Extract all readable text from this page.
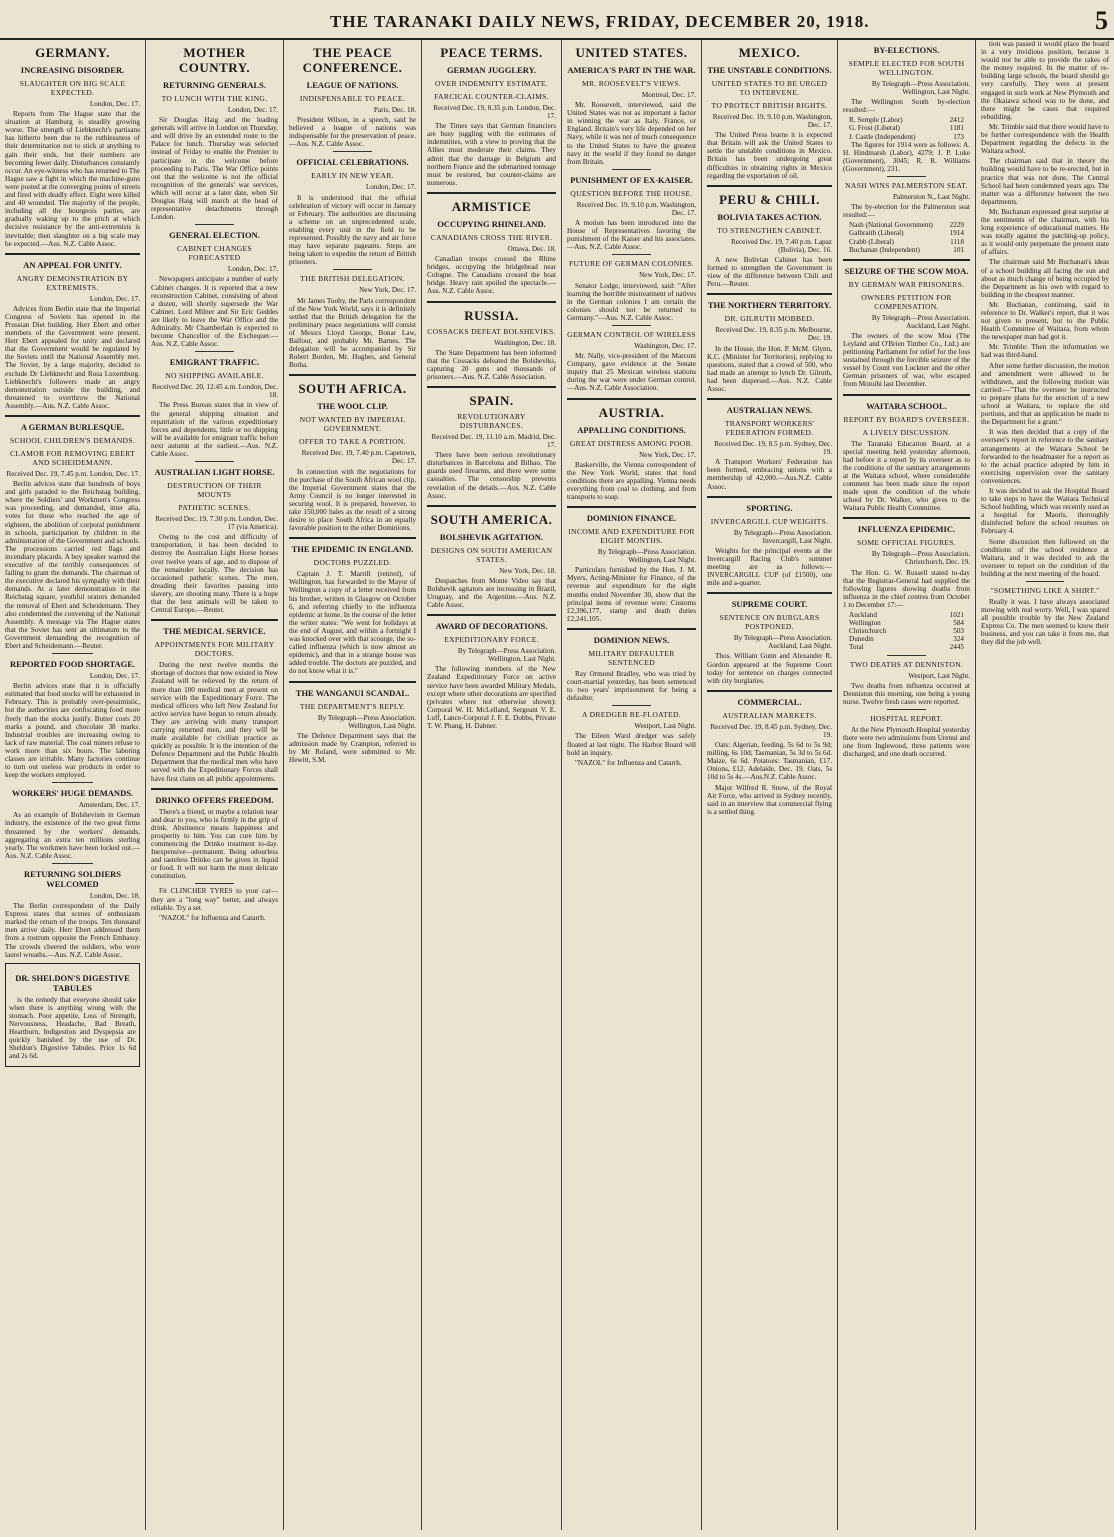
THE TARANAKI DAILY NEWS, FRIDAY, DECEMBER 20, 1918.	5
GERMANY.
INCREASING DISORDER.
SLAUGHTER ON BIG SCALE EXPECTED.
London, Dec. 17.

Reports from The Hague state that the situation at Hamburg is steadily growing worse. The strength of Liebknecht's partisans has hitherto been due to the ruthlessness of their determination not to stick at anything to gain their ends, but their numbers are becoming fewer daily. Disturbances constantly occur. An eye-witness who has returned to The Hague saw a fight in which the machine-guns were posted at the converging points of streets and fired with deadly effect. Eight were killed and 40 wounded. The majority of the people, including all the bourgeois parties, are gradually waking up to the pitch at which decisive resistance by the anti-extremists is inevitable; then slaughter on a big scale may be expected.—Aus. N.Z. Cable Assoc.

AN APPEAL FOR UNITY.
ANGRY DEMONSTRATION BY EXTREMISTS.
London, Dec. 17.

Advices from Berlin state that the Imperial Congress of Soviets has opened in the Prussian Diet building. Herr Ebert and other members of the Government were present. Herr Ebert appealed for unity and declared that the Government would be regulated by the Soviets until the National Assembly met. The Soviet, by a large majority, decided to exclude Dr Liebknecht and Rosa Luxemburg. Liebknecht's followers made an angry demonstration outside the building, and threatened to overthrow the National Assembly.—Aus. N.Z. Cable Assoc.

A GERMAN BURLESQUE.
SCHOOL CHILDREN'S DEMANDS.
CLAMOR FOR REMOVING EBERT AND SCHEIDEMANN.
Received Dec. 19, 7.45 p.m. London, Dec. 17.

Berlin advices state that hundreds of boys and girls paraded to the Reichstag building, where the Soldiers' and Workmen's Congress was proceeding, and demanded, inter alia, votes for those who reached the age of eighteen, the abolition of corporal punishment in schools, participation by children in the administration of the Government and schools. The processions carried red flags and incendiary placards. A boy speaker warned the executive of the terribly consequences of failing to grant the demands. The chairman of the executive declared his sympathy with their demands. At a later demonstration in the Reichstag square, youthful orators demanded the removal of Ebert and Scheidemann. They also condemned the convening of the National Assembly. A message via The Hague states that the Soviet has sent an ultimatum to the Government demanding the recognition of Ebert and Scheidemann.—Reuter.

REPORTED FOOD SHORTAGE.
London, Dec. 17.

Berlin advices state that it is officially estimated that food stocks will be exhausted in February. This is probably over-pessimistic, but the authorities are confiscating food more freely than the stocks justify. Butter costs 20 marks a pound, and chocolate 38 marks. Industrial troubles are increasing owing to lack of raw material. The coal miners refuse to work more than six hours. The laboring classes are irritable. Many factories continue to turn out useless war products in order to keep the workers employed.

WORKERS' HUGE DEMANDS.
Amsterdam, Dec. 17.

As an example of Bolshevism in German industry, the existence of the two great firms threatened by the workers' demands, aggregating an extra ten millions sterling yearly. The workmen have been locked out.—Aus. N.Z. Cable Assoc.

RETURNING SOLDIERS WELCOMED
London, Dec. 18.

The Berlin correspondent of the Daily Express states that scenes of enthusiasm marked the return of the troops. Ten thousand men arrive daily. Herr Ebert addressed them from a rostrum opposite the French Embassy. The crowds cheered the soldiers, who wore laurel wreaths.—Aus. N.Z. Cable Assoc.

DR. SHELDON'S DIGESTIVE TABULES

is the remedy that everyone should take when there is anything wrong with the stomach. Poor appetite, Loss of Strength, Nervousness, Headache, Bad Breath, Heartburn, Indigestion and Dyspepsia are quickly banished by the use of Dr. Sheldon's Digestive Tabules. Price 1s 6d and 2s 6d.

MOTHER COUNTRY.
RETURNING GENERALS.
TO LUNCH WITH THE KING.
London, Dec. 17.

Sir Douglas Haig and the leading generals will arrive in London on Thursday, and will drive by an extended route to the Palace for lunch. Thursday was selected instead of Friday to enable the Premier to participate in the welcome before proceeding to Paris. The War Office points out that the welcome is not the official recognition of the generals' war services, which will occur at a later date, when Sir Douglas Haig will march at the head of representative detachments through London.

GENERAL ELECTION.
CABINET CHANGES FORECASTED
London, Dec. 17.

Newspapers anticipate a number of early Cabinet changes. It is reported that a new reconstruction Cabinet, consisting of about a dozen, will shortly supersede the War Cabinet. Lord Milner and Sir Eric Geddes are likely to leave the War Office and the Admiralty. Mr Chamberlain is expected to become Chancellor of the Exchequer.—Aus. N.Z. Cable Assoc.

EMIGRANT TRAFFIC.
NO SHIPPING AVAILABLE.
Received Dec. 20, 12.45 a.m. London, Dec. 18.

The Press Bureau states that in view of the general shipping situation and repatriation of the various expeditionary forces and dependents, little or no shipping will be available for emigrant traffic before next autumn at the earliest.—Aus. N.Z. Cable Assoc.

AUSTRALIAN LIGHT HORSE.
DESTRUCTION OF THEIR MOUNTS
PATHETIC SCENES.
Received Dec. 19, 7.30 p.m. London, Dec. 17 (via America).

Owing to the cost and difficulty of transportation, it has been decided to destroy the Australian Light Horse horses over twelve years of age, and to dispose of the remainder locally. The decision has occasioned pathetic scenes. The men, dreading their favorites passing into slavery, are shooting many. There is a hope that the best animals will be taken to Central Europe.—Reuter.

THE MEDICAL SERVICE.
APPOINTMENTS FOR MILITARY DOCTORS.

During the next twelve months the shortage of doctors that now existed in New Zealand will be relieved by the return of more than 100 medical men at present on service with the Expeditionary Force. The medical officers who left New Zealand for active service have begun to return already. They are arriving with many transport carrying returned men, and they will be made available for civilian practice as quickly as possible. It is the intention of the Defence Department and the Public Health Department that the medical men who have served with the Expeditionary Forces shall have first claim on all public appointments.

DRINKO OFFERS FREEDOM.

There's a friend, or maybe a relation near and dear to you, who is firmly in the grip of drink. Abstinence means happiness and prosperity to him. You can cure him by commencing the Drinko treatment to-day. Inexpensive—permanent. Being odourless and tasteless Drinko can be given in liquid or food. It will not harm the most delicate constitution.

Fit CLINCHER TYRES to your car—they are a "long way" better, and always reliable. Try a set.

"NAZOL" for Influenza and Catarrh.

THE PEACE CONFERENCE.
LEAGUE OF NATIONS.
INDISPENSABLE TO PEACE.
Paris, Dec. 18.

President Wilson, in a speech, said he believed a league of nations was indispensable for the preservation of peace.—Aus. N.Z. Cable Assoc.

OFFICIAL CELEBRATIONS.
EARLY IN NEW YEAR.
London, Dec. 17.

It is understood that the official celebration of victory will occur in January or February. The authorities are discussing a scheme on an unprecedented scale, enabling every unit in the field to be represented. Possibly the navy and air force may have separate pageants. Steps are being taken to expedite the return of British prisoners.

THE BRITISH DELEGATION.
New York, Dec. 17.

Mr James Tuohy, the Paris correspondent of the New York World, says it is definitely settled that the British delegation for the preliminary peace negotiations will consist of Messrs Lloyd George, Bonar Law, Balfour, and probably Mr. Barnes. The delegation will be accompanied by Sir Robert Borden, Mr. Hughes, and General Botha.

SOUTH AFRICA.
THE WOOL CLIP.
NOT WANTED BY IMPERIAL GOVERNMENT.
OFFER TO TAKE A PORTION.
Received Dec. 19, 7.40 p.m. Capetown, Dec. 17.

In connection with the negotiations for the purchase of the South African wool clip, the Imperial Government states that the Army Council is no longer interested in securing wool. It is prepared, however, to take 150,000 bales as the result of a strong desire to place South Africa in an equally favorable position to the other Dominions.

THE EPIDEMIC IN ENGLAND.
DOCTORS PUZZLED.

Captain J. T. Marrill (retired), of Wellington, has forwarded to the Mayor of Wellington a copy of a letter received from his brother, written in Glasgow on October 6, and referring chiefly to the influenza epidemic at home. In the course of the letter the writer states: "We went for holidays at the end of August, and within a fortnight I was knocked over with that scourge, the so-called influenza (which is now almost an epidemic), and that in a strange house was added trouble. The doctors are puzzled, and do not know what it is."

THE WANGANUI SCANDAL.
THE DEPARTMENT'S REPLY.
By Telegraph—Press Association. Wellington, Last Night.

The Defence Department says that the admission made by Crampton, referred to by Mr Roland, were submitted to Mr. Hewitt, S.M.

PEACE TERMS.
GERMAN JUGGLERY.
OVER INDEMNITY ESTIMATE.
FARCICAL COUNTER-CLAIMS.
Received Dec. 19, 8.35 p.m. London, Dec. 17.

The Times says that German financiers are busy juggling with the estimates of indemnities, with a view to proving that the Allies must moderate their claims. They admit that the damage in Belgium and northern France and the submarined tonnage must be restored, but counter-claims are numerous.

ARMISTICE
OCCUPYING RHINELAND.
CANADIANS CROSS THE RIVER.
Ottawa, Dec. 18.

Canadian troops crossed the Rhine bridges, occupying the bridgehead near Cologne. The Canadians crossed the boat bridge. Heavy rain spoiled the spectacle.—Aus. N.Z. Cable Assoc.

RUSSIA.
COSSACKS DEFEAT BOLSHEVIKS.
Washington, Dec. 18.

The State Department has been informed that the Cossacks defeated the Bolsheviks, capturing 20 guns and thousands of prisoners.—Aus. N.Z. Cable Association.

SPAIN.
REVOLUTIONARY DISTURBANCES.
Received Dec. 19, 11.10 a.m. Madrid, Dec. 17.

There have been serious revolutionary disturbances in Barcelona and Bilbao. The guards used firearms, and there were some casualties. The censorship prevents revelation of the details.—Aus. N.Z. Cable Assoc.

SOUTH AMERICA.
BOLSHEVIK AGITATION.
DESIGNS ON SOUTH AMERICAN STATES.
New York, Dec. 18.

Despatches from Monte Video say that Bolshevik agitators are increasing in Brazil, Uruguay, and the Argentine.—Aus. N.Z. Cable Assoc.

AWARD OF DECORATIONS.
EXPEDITIONARY FORCE.
By Telegraph—Press Association. Wellington, Last Night.

The following members of the New Zealand Expeditionary Force on active service have been awarded Military Medals, except where other decorations are specified (privates where not otherwise shown): Corporal W. H. McLelland, Sergeant V. E. Luff, Lance-Corporal J. F. E. Dobbs, Private T. W. Phang, H. Dabner.

UNITED STATES.
AMERICA'S PART IN THE WAR.
MR. ROOSEVELT'S VIEWS.
Montreal, Dec. 17.

Mr. Roosevelt, interviewed, said the United States was not as important a factor in winning the war as Italy, France, or England. Britain's very life depended on her Navy, while it was not of much consequence to the United States to have the greatest navy in the world if they found no danger from Britain.

PUNISHMENT OF EX-KAISER.
QUESTION BEFORE THE HOUSE.
Received Dec. 19, 9.10 p.m. Washington, Dec. 17.

A motion has been introduced into the House of Representatives favoring the punishment of the Kaiser and his associates.—Aus. N.Z. Cable Assoc.

FUTURE OF GERMAN COLONIES.
New York, Dec. 17.

Senator Lodge, interviewed, said: "After learning the horrible mistreatment of natives in the German colonies I am certain the colonies should not be returned to Germany."—Aus. N.Z. Cable Assoc.

GERMAN CONTROL OF WIRELESS
Washington, Dec. 17.

Mr. Nally, vice-president of the Marconi Company, gave evidence at the Senate inquiry that 25 Mexican wireless stations during the war were under German control.—Aus. N.Z. Cable Association.

AUSTRIA.
APPALLING CONDITIONS.
GREAT DISTRESS AMONG POOR.
New York, Dec. 17.

Baskerville, the Vienna correspondent of the New York World, states that food conditions there are appalling. Vienna needs everything from coal to clothing, and from transports to soap.

DOMINION FINANCE.
INCOME AND EXPENDITURE FOR EIGHT MONTHS.
By Telegraph—Press Association. Wellington, Last Night.

Particulars furnished by the Hon. J. M. Myers, Acting-Minister for Finance, of the revenue and expenditure for the eight months ended November 30, show that the principal items of revenue were: Customs £2,396,177, stamp and death duties £2,241,105.

DOMINION NEWS.
MILITARY DEFAULTER SENTENCED

Ray Ormond Bradley, who was tried by court-martial yesterday, has been sentenced to two years' imprisonment for being a defaulter.

A DREDGER RE-FLOATED.
Westport, Last Night.

The Eileen Ward dredger was safely floated at last night. The Harbor Board will hold an inquiry.

"NAZOL" for Influenza and Catarrh.

MEXICO.
THE UNSTABLE CONDITIONS.
UNITED STATES TO BE URGED TO INTERVENE.
TO PROTECT BRITISH RIGHTS.
Received Dec. 19, 9.10 p.m. Washington, Dec. 17.

The United Press learns it is expected that Britain will ask the United States to settle the unstable conditions in Mexico. Britain has been undergoing great difficulties in obtaining rights in Mexico regarding the exportation of oil.

PERU & CHILI.
BOLIVIA TAKES ACTION.
TO STRENGTHEN CABINET.
Received Dec. 19, 7.40 p.m. Lapaz (Bolivia), Dec. 16.

A new Bolivian Cabinet has been formed to strengthen the Government in view of the difference between Chili and Peru.—Reuter.

THE NORTHERN TERRITORY.
DR. GILRUTH MOBBED.
Received Dec. 19, 8.35 p.m. Melbourne, Dec. 19.

In the House, the Hon. P. McM. Glynn, K.C. (Minister for Territories), replying to questions, stated that a crowd of 500, who had made an attempt to lynch Dr. Gilruth, had been dispersed.—Aus. N.Z. Cable Assoc.

AUSTRALIAN NEWS.
TRANSPORT WORKERS' FEDERATION FORMED.
Received Dec. 19, 8.5 p.m. Sydney, Dec. 19.

A Transport Workers' Federation has been formed, embracing unions with a membership of 42,000.—Aus.N.Z. Cable Assoc.

SPORTING.
INVERCARGILL CUP WEIGHTS.
By Telegraph—Press Association. Invercargill, Last Night.

Weights for the principal events at the Invercargill Racing Club's summer meeting are as follows:—INVERCARGILL CUP (of £1500), one mile and a-quarter.

SUPREME COURT.
SENTENCE ON BURGLARS POSTPONED.
By Telegraph—Press Association. Auckland, Last Night.

Thos. William Gunn and Alexander R. Gordon appeared at the Supreme Court today for sentence on charges connected with city burglaries.

COMMERCIAL.
AUSTRALIAN MARKETS.
Received Dec. 19, 8.45 p.m. Sydney, Dec. 19.

Oats: Algerian, feeding, 5s 6d to 5s 9d; milling, 6s 10d; Tasmanian, 5s 3d to 5s 6d. Maize, 6s 6d. Potatoes: Tasmanian, £17. Onions, £12. Adelaide, Dec. 19. Oats, 5s 10d to 5s 4s.—Aus.N.Z. Cable Assoc.

Major Wilfred R. Snow, of the Royal Air Force, who arrived in Sydney recently, said in an interview that commercial flying is a settled thing.

BY-ELECTIONS.
SEMPLE ELECTED FOR SOUTH WELLINGTON.
By Telegraph—Press Association. Wellington, Last Night.

The Wellington South by-election resulted:—

R. Semple (Labor)	2412
G. Frost (Liberal)	1181
J. Castle (Independent)	173

The figures for 1914 were as follows: A. H. Hindmarsh (Labor), 4279; J. P. Luke (Government), 3045; R. R. Williams (Government), 231.

NASH WINS PALMERSTON SEAT.
Palmerston N., Last Night.

The by-election for the Palmerston seat resulted:—

Nash (National Government) 2229
Galbraith (Liberal)	1914
Crabb (Liberal)	1118
Buchanan (Independent)	101
SEIZURE OF THE SCOW MOA.
BY GERMAN WAR PRISONERS.
OWNERS PETITION FOR COMPENSATION.
By Telegraph—Press Association. Auckland, Last Night.

The owners of the scow Moa (The Leyland and O'Brien Timber Co., Ltd.) are petitioning Parliament for relief for the loss sustained through the forcible seizure of the vessel by Count von Luckner and the other German prisoners of war, who escaped from Motuihi last December.

WAITARA SCHOOL.
REPORT BY BOARD'S OVERSEER.
A LIVELY DISCUSSION.

The Taranaki Education Board, at a special meeting held yesterday afternoon, had before it a report by its overseer as to the conditions of the sanitary arrangements at the Waitara school, where considerable comment has been made since the report made upon the condition of the whole school by Dr. Walker, who gives to the Waitara Public Health Committee.

INFLUENZA EPIDEMIC.
SOME OFFICIAL FIGURES.
By Telegraph—Press Association. Christchurch, Dec. 19.

The Hon. G. W. Russell stated to-day that the Registrar-General had supplied the following figures showing deaths from influenza in the chief centres from October 1 to December 17:—

Auckland	1021
Wellington	584
Christchurch	503
Dunedin	324
Total	2445
TWO DEATHS AT DENNISTON.
Westport, Last Night.

Two deaths from influenza occurred at Denniston this morning, one being a young nurse. Twelve fresh cases were reported.

HOSPITAL REPORT.

At the New Plymouth Hospital yesterday there were two admissions from Urenui and one from Inglewood, three patients were discharged, and one death occurred.

tion was passed it would place the board in a very invidious position, because it would not be able to provide the rakes of the money required. In the matter of re-building large schools, the board should go very carefully. They were at present engaged in such work at New Plymouth and the Okaiawa school was to be done, and there might be cases that required rebuilding.

Mr. Trimble said that there would have to be further correspondence with the Health Department regarding the defects in the Waitara school.

The chairman said that in theory the building would have to be re-erected, but in practice that was not done. The Central School had been condemned years ago. The matter was a difference between the two departments.

Mr. Buchanan expressed great surprise at the sentiments of the chairman, with his long experience of educational matters. He was totally against the patching-up policy, as it would only perpetuate the present state of affairs.

The chairman said Mr Buchanan's ideas of a school building all facing the sun and about as much change of being occupied by the Department as his own with regard to building in the cheapest manner.

Mr. Buchanan, continuing, said in reference to Dr. Walker's report, that it was not given to present, but to the Public Health Committee of Waitara, from whom the newspaper man had got it.

Mr. Trimble: Then the information we had was third-hand.

After some further discussion, the motion and amendment were allowed to be withdrawn, and the following motion was carried:—"That the overseer be instructed to prepare plans for the erection of a new school at Waitara, to replace the old portions, and that an application be made to the Department for a grant."

It was then decided that a copy of the overseer's report in reference to the sanitary arrangements at the Waitara School be forwarded to the headmaster for a report as to the actual practice adopted by him in exercising supervision over the sanitary conveniences.

It was decided to ask the Hospital Board to take steps to have the Waitara Technical School building, which was recently used as a hospital for Maoris, thoroughly disinfected before the school resumes on February 4.

Some discussion then followed on the conditions of the school residence at Waitara, and it was decided to ask the overseer to report on the condition of the building at the next meeting of the board.

"SOMETHING LIKE A SHIRT."

Really it was. I have always associated mowing with real worry. Well, I was spared all possible trouble by the New Zealand Express Co. The men seemed to know their business, and you can take it from me, that they did the job well.
